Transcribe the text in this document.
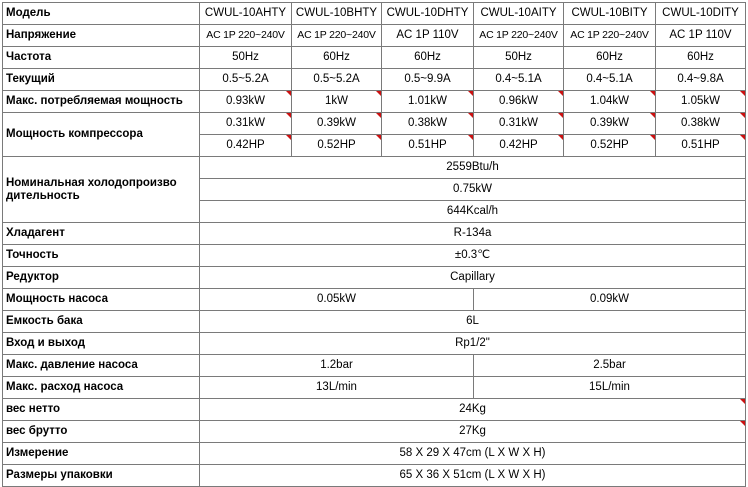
Модель	CWUL-10AHTY	CWUL-10BHTY	CWUL-10DHTY	CWUL-10AITY	CWUL-10BITY	CWUL-10DITY
Напряжение	AC 1P 220~240V	AC 1P 220~240V	AC 1P 110V	AC 1P 220~240V	AC 1P 220~240V	AC 1P 110V
Частота	50Hz	60Hz	60Hz	50Hz	60Hz	60Hz
Текущий	0.5~5.2A	0.5~5.2A	0.5~9.9A	0.4~5.1A	0.4~5.1A	0.4~9.8A
Макс. потребляемая мощность	0.93kW	1kW	1.01kW	0.96kW	1.04kW	1.05kW
Мощность компрессора	0.31kW	0.39kW	0.38kW	0.31kW	0.39kW	0.38kW
	0.42HP	0.52HP	0.51HP	0.42HP	0.52HP	0.51HP
Номинальная холодопроизво дительность	2559Btu/h					
	0.75kW					
	644Kcal/h					
Хладагент	R-134a					
Точность	±0.3℃					
Редуктор	Capillary					
Мощность насоса	0.05kW			0.09kW		
Емкость бака	6L					
Вход и выход	Rp1/2"					
Макс. давление насоса	1.2bar			2.5bar		
Макс. расход насоса	13L/min			15L/min		
вес нетто	24Kg					
вес брутто	27Kg					
Измерение	58 X 29 X 47cm (L X W X H)					
Размеры упаковки	65 X 36 X 51cm (L X W X H)					
